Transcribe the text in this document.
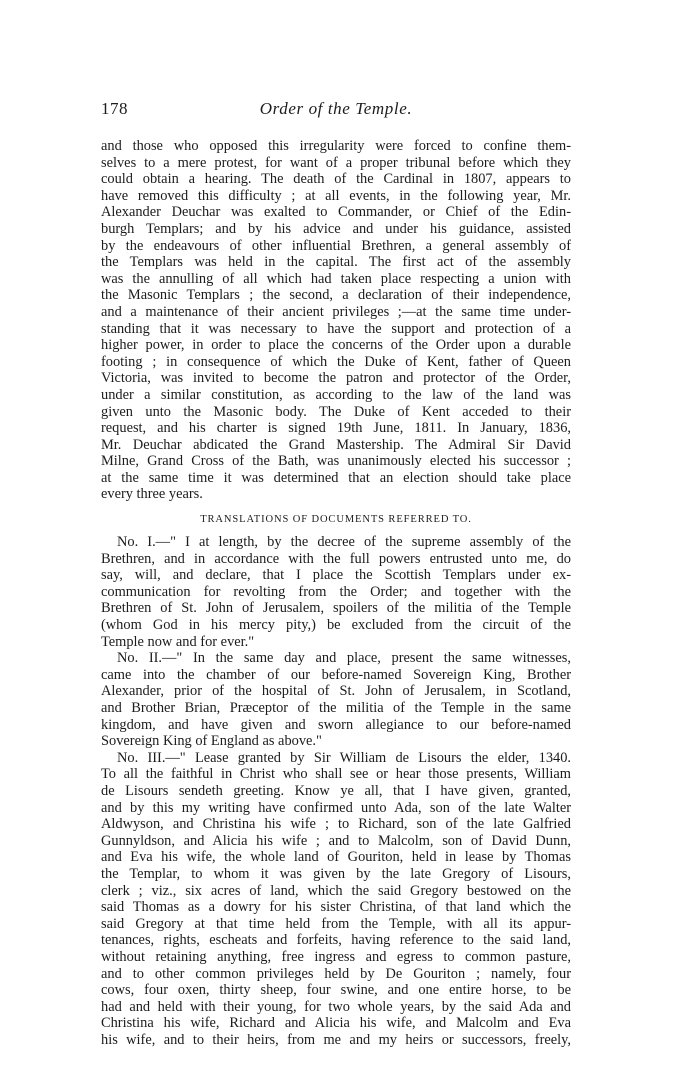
178	Order of the Temple.
and those who opposed this irregularity were forced to confine them-
selves to a mere protest, for want of a proper tribunal before which they
could obtain a hearing. The death of the Cardinal in 1807, appears to
have removed this difficulty ; at all events, in the following year, Mr.
Alexander Deuchar was exalted to Commander, or Chief of the Edin-
burgh Templars; and by his advice and under his guidance, assisted
by the endeavours of other influential Brethren, a general assembly of
the Templars was held in the capital. The first act of the assembly
was the annulling of all which had taken place respecting a union with
the Masonic Templars ; the second, a declaration of their independence,
and a maintenance of their ancient privileges ;—at the same time under-
standing that it was necessary to have the support and protection of a
higher power, in order to place the concerns of the Order upon a durable
footing ; in consequence of which the Duke of Kent, father of Queen
Victoria, was invited to become the patron and protector of the Order,
under a similar constitution, as according to the law of the land was
given unto the Masonic body. The Duke of Kent acceded to their
request, and his charter is signed 19th June, 1811. In January, 1836,
Mr. Deuchar abdicated the Grand Mastership. The Admiral Sir David
Milne, Grand Cross of the Bath, was unanimously elected his successor ;
at the same time it was determined that an election should take place
every three years.
TRANSLATIONS OF DOCUMENTS REFERRED TO.
No. I.—" I at length, by the decree of the supreme assembly of the
Brethren, and in accordance with the full powers entrusted unto me, do
say, will, and declare, that I place the Scottish Templars under ex-
communication for revolting from the Order; and together with the
Brethren of St. John of Jerusalem, spoilers of the militia of the Temple
(whom God in his mercy pity,) be excluded from the circuit of the
Temple now and for ever."
No. II.—" In the same day and place, present the same witnesses,
came into the chamber of our before-named Sovereign King, Brother
Alexander, prior of the hospital of St. John of Jerusalem, in Scotland,
and Brother Brian, Præceptor of the militia of the Temple in the same
kingdom, and have given and sworn allegiance to our before-named
Sovereign King of England as above."
No. III.—" Lease granted by Sir William de Lisours the elder, 1340.
To all the faithful in Christ who shall see or hear those presents, William
de Lisours sendeth greeting. Know ye all, that I have given, granted,
and by this my writing have confirmed unto Ada, son of the late Walter
Aldwyson, and Christina his wife ; to Richard, son of the late Galfried
Gunnyldson, and Alicia his wife ; and to Malcolm, son of David Dunn,
and Eva his wife, the whole land of Gouriton, held in lease by Thomas
the Templar, to whom it was given by the late Gregory of Lisours,
clerk ; viz., six acres of land, which the said Gregory bestowed on the
said Thomas as a dowry for his sister Christina, of that land which the
said Gregory at that time held from the Temple, with all its appur-
tenances, rights, escheats and forfeits, having reference to the said land,
without retaining anything, free ingress and egress to common pasture,
and to other common privileges held by De Gouriton ; namely, four
cows, four oxen, thirty sheep, four swine, and one entire horse, to be
had and held with their young, for two whole years, by the said Ada and
Christina his wife, Richard and Alicia his wife, and Malcolm and Eva
his wife, and to their heirs, from me and my heirs or successors, freely,
